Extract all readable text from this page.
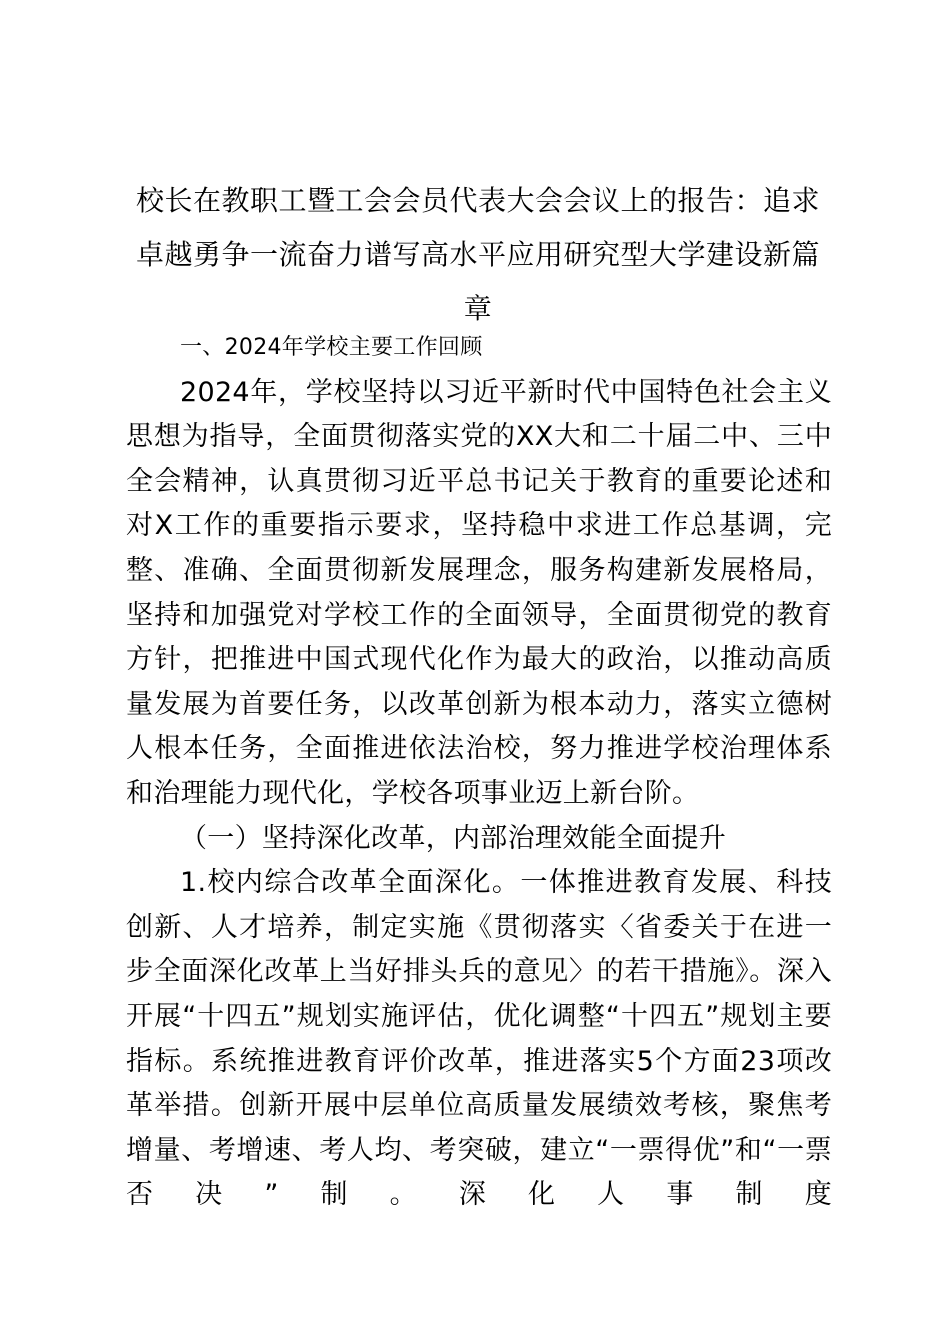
校长在教职工暨工会会员代表大会会议上的报告：追求卓越勇争一流奋力谱写高水平应用研究型大学建设新篇章

一、2024年学校主要工作回顾

2024年，学校坚持以习近平新时代中国特色社会主义思想为指导，全面贯彻落实党的XX大和二十届二中、三中全会精神，认真贯彻习近平总书记关于教育的重要论述和对X工作的重要指示要求，坚持稳中求进工作总基调，完整、准确、全面贯彻新发展理念，服务构建新发展格局，坚持和加强党对学校工作的全面领导，全面贯彻党的教育方针，把推进中国式现代化作为最大的政治，以推动高质量发展为首要任务，以改革创新为根本动力，落实立德树人根本任务，全面推进依法治校，努力推进学校治理体系和治理能力现代化，学校各项事业迈上新台阶。

（一）坚持深化改革，内部治理效能全面提升

1.校内综合改革全面深化。一体推进教育发展、科技创新、人才培养，制定实施《贯彻落实〈省委关于在进一步全面深化改革上当好排头兵的意见〉的若干措施》。深入开展“十四五”规划实施评估，优化调整“十四五”规划主要指标。系统推进教育评价改革，推进落实5个方面23项改革举措。创新开展中层单位高质量发展绩效考核，聚焦考增量、考增速、考人均、考突破，建立“一票得优”和“一票否决”制。深化人事制度
